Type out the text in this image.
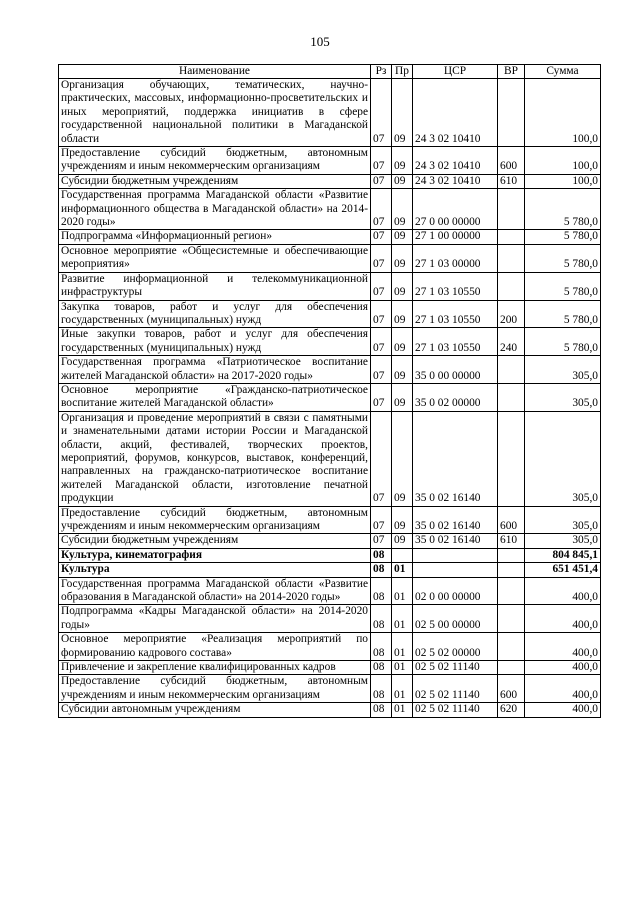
105
Наименование	Рз	Пр	ЦСР	ВР	Сумма
Организация обучающих, тематических, научно-практических, массовых, информационно-просветительских и иных мероприятий, поддержка инициатив в сфере государственной национальной политики в Магаданской области	07	09	24 3 02 10410		100,0
Предоставление субсидий бюджетным, автономным учреждениям и иным некоммерческим организациям	07	09	24 3 02 10410	600	100,0
Субсидии бюджетным учреждениям	07	09	24 3 02 10410	610	100,0
Государственная программа Магаданской области «Развитие информационного общества в Магаданской области» на 2014-2020 годы»	07	09	27 0 00 00000		5 780,0
Подпрограмма «Информационный регион»	07	09	27 1 00 00000		5 780,0
Основное мероприятие «Общесистемные и обеспечивающие мероприятия»	07	09	27 1 03 00000		5 780,0
Развитие информационной и телекоммуникационной инфраструктуры	07	09	27 1 03 10550		5 780,0
Закупка товаров, работ и услуг для обеспечения государственных (муниципальных) нужд	07	09	27 1 03 10550	200	5 780,0
Иные закупки товаров, работ и услуг для обеспечения государственных (муниципальных) нужд	07	09	27 1 03 10550	240	5 780,0
Государственная программа «Патриотическое воспитание жителей Магаданской области» на 2017-2020 годы»	07	09	35 0 00 00000		305,0
Основное мероприятие «Гражданско-патриотическое воспитание жителей Магаданской области»	07	09	35 0 02 00000		305,0
Организация и проведение мероприятий в связи с памятными и знаменательными датами истории России и Магаданской области, акций, фестивалей, творческих проектов, мероприятий, форумов, конкурсов, выставок, конференций, направленных на гражданско-патриотическое воспитание жителей Магаданской области, изготовление печатной продукции	07	09	35 0 02 16140		305,0
Предоставление субсидий бюджетным, автономным учреждениям и иным некоммерческим организациям	07	09	35 0 02 16140	600	305,0
Субсидии бюджетным учреждениям	07	09	35 0 02 16140	610	305,0
Культура, кинематография	08				804 845,1
Культура	08	01			651 451,4
Государственная программа Магаданской области «Развитие образования в Магаданской области» на 2014-2020 годы»	08	01	02 0 00 00000		400,0
Подпрограмма «Кадры Магаданской области» на 2014-2020 годы»	08	01	02 5 00 00000		400,0
Основное мероприятие «Реализация мероприятий по формированию кадрового состава»	08	01	02 5 02 00000		400,0
Привлечение и закрепление квалифицированных кадров	08	01	02 5 02 11140		400,0
Предоставление субсидий бюджетным, автономным учреждениям и иным некоммерческим организациям	08	01	02 5 02 11140	600	400,0
Субсидии автономным учреждениям	08	01	02 5 02 11140	620	400,0
